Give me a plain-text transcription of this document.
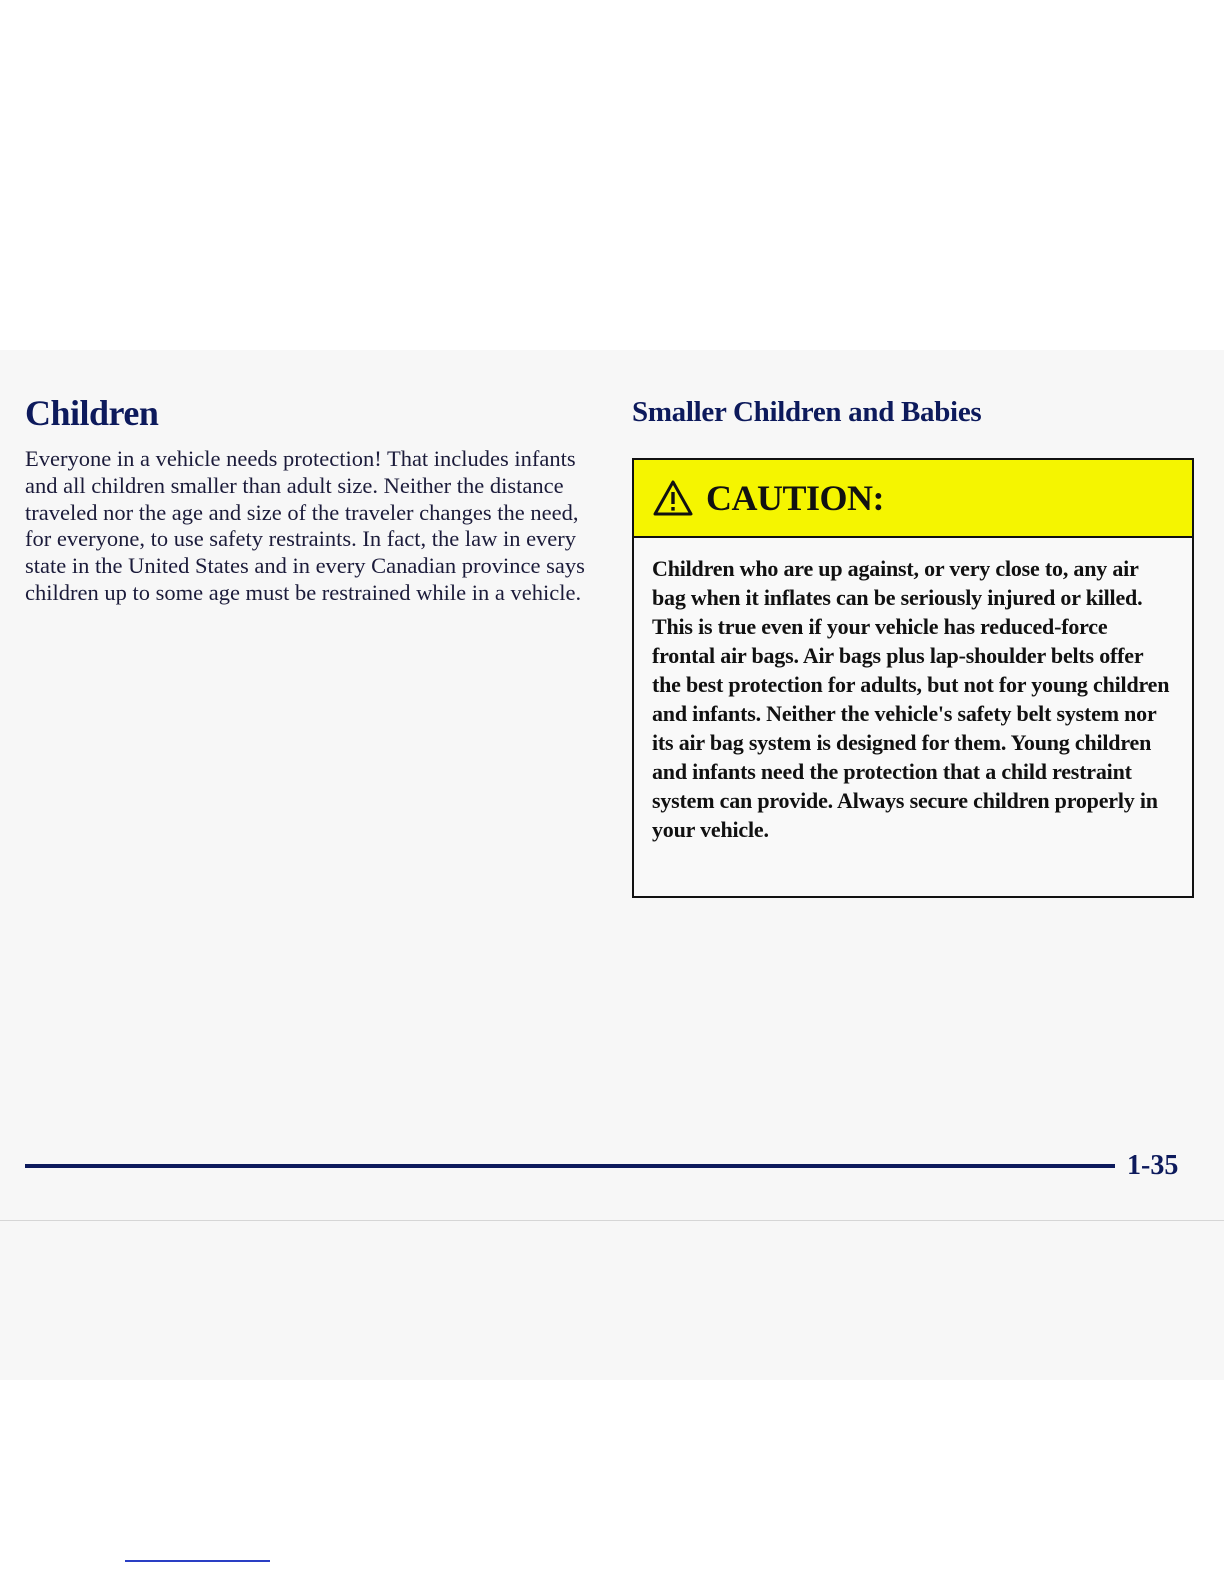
Children

Everyone in a vehicle needs protection! That includes infants and all children smaller than adult size. Neither the distance traveled nor the age and size of the traveler changes the need, for everyone, to use safety restraints. In fact, the law in every state in the United States and in every Canadian province says children up to some age must be restrained while in a vehicle.

Smaller Children and Babies
CAUTION:

Children who are up against, or very close to, any air bag when it inflates can be seriously injured or killed. This is true even if your vehicle has reduced-force frontal air bags. Air bags plus lap-shoulder belts offer the best protection for adults, but not for young children and infants. Neither the vehicle's safety belt system nor its air bag system is designed for them. Young children and infants need the protection that a child restraint system can provide. Always secure children properly in your vehicle.

1-35
